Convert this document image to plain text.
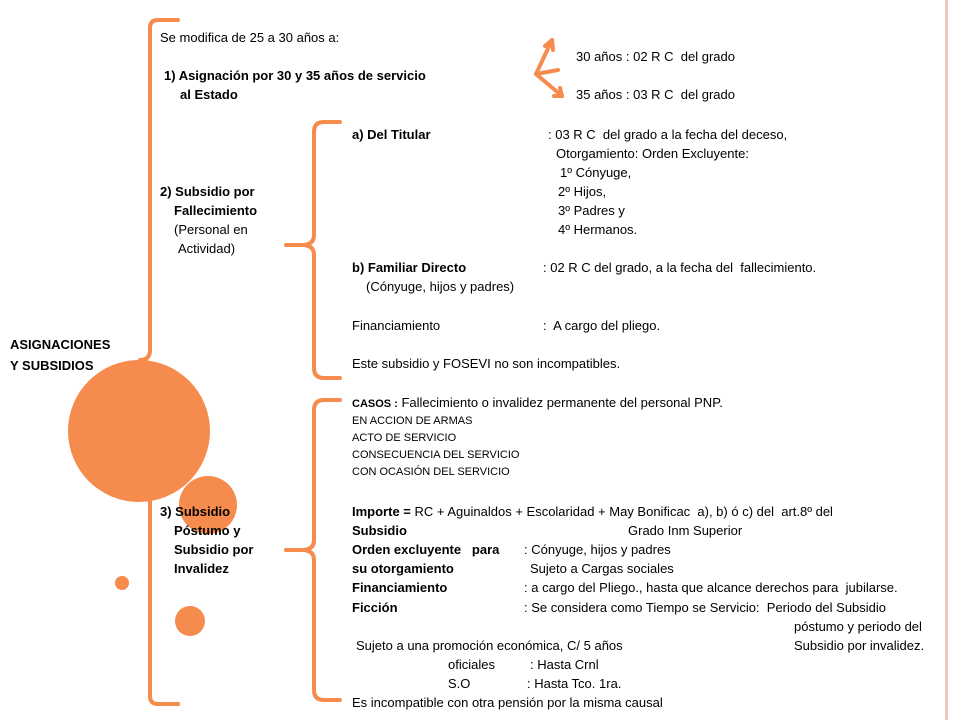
ASIGNACIONES
Y SUBSIDIOS
Se modifica de 25 a 30 años a:
1) Asignación por 30 y 35 años de servicio
al Estado
30 años : 02 R C  del grado
35 años : 03 R C  del grado
2) Subsidio por
Fallecimiento
(Personal en
Actividad)
a) Del Titular	: 03 R C  del grado a la fecha del deceso,
Otorgamiento: Orden Excluyente:
1º Cónyuge,
2º Hijos,
3º Padres y
4º Hermanos.
b) Familiar Directo	: 02 R C del grado, a la fecha del  fallecimiento.
(Cónyuge, hijos y padres)
Financiamiento	:  A cargo del pliego.
Este subsidio y FOSEVI no son incompatibles.
CASOS : Fallecimiento o invalidez permanente del personal PNP.
EN ACCION DE ARMAS
ACTO DE SERVICIO
CONSECUENCIA DEL SERVICIO
CON OCASIÓN DEL SERVICIO
3) Subsidio
Póstumo y
Subsidio por
Invalidez
Importe = RC + Aguinaldos + Escolaridad + May Bonificac  a), b) ó c) del  art.8º del
Subsidio	Grado Inm Superior
Orden excluyente   para : Cónyuge, hijos y padres
su otorgamiento	Sujeto a Cargas sociales
Financiamiento	: a cargo del Pliego., hasta que alcance derechos para  jubilarse.
Ficción	: Se considera como Tiempo se Servicio:  Periodo del Subsidio
póstumo y periodo del
Subsidio por invalidez.
Sujeto a una promoción económica, C/ 5 años
oficiales	: Hasta Crnl
S.O	: Hasta Tco. 1ra.
Es incompatible con otra pensión por la misma causal
